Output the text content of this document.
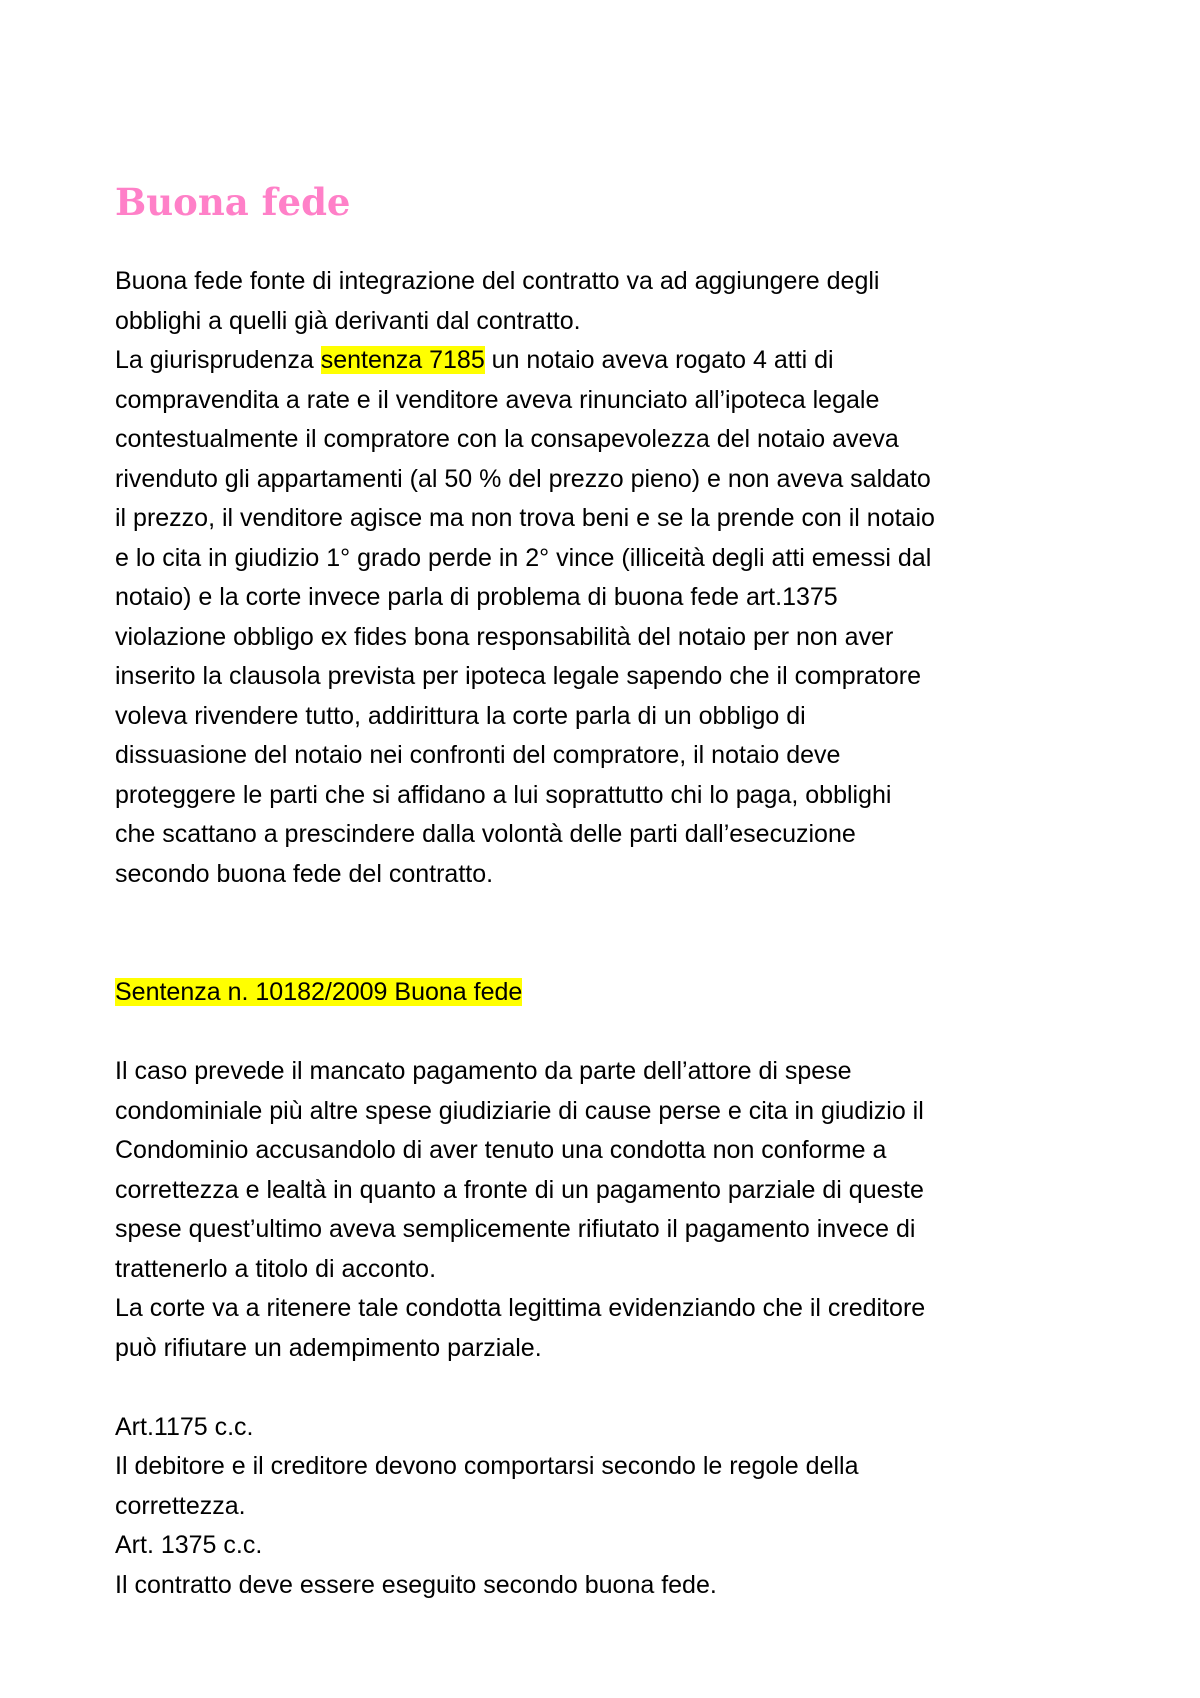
Buona fede
Buona fede fonte di integrazione del contratto va ad aggiungere degli
obblighi a quelli già derivanti dal contratto.
La giurisprudenza sentenza 7185 un notaio aveva rogato 4 atti di
compravendita a rate e il venditore aveva rinunciato all’ipoteca legale
contestualmente il compratore con la consapevolezza del notaio aveva
rivenduto gli appartamenti (al 50 % del prezzo pieno) e non aveva saldato
il prezzo, il venditore agisce ma non trova beni e se la prende con il notaio
e lo cita in giudizio 1° grado perde in 2° vince (illiceità degli atti emessi dal
notaio) e la corte invece parla di problema di buona fede art.1375
violazione obbligo ex fides bona responsabilità del notaio per non aver
inserito la clausola prevista per ipoteca legale sapendo che il compratore
voleva rivendere tutto, addirittura la corte parla di un obbligo di
dissuasione del notaio nei confronti del compratore, il notaio deve
proteggere le parti che si affidano a lui soprattutto chi lo paga, obblighi
che scattano a prescindere dalla volontà delle parti dall’esecuzione
secondo buona fede del contratto.
Sentenza n. 10182/2009 Buona fede
Il caso prevede il mancato pagamento da parte dell’attore di spese
condominiale più altre spese giudiziarie di cause perse e cita in giudizio il
Condominio accusandolo di aver tenuto una condotta non conforme a
correttezza e lealtà in quanto a fronte di un pagamento parziale di queste
spese quest’ultimo aveva semplicemente rifiutato il pagamento invece di
trattenerlo a titolo di acconto.
La corte va a ritenere tale condotta legittima evidenziando che il creditore
può rifiutare un adempimento parziale.
Art.1175 c.c.
Il debitore e il creditore devono comportarsi secondo le regole della
correttezza.
Art. 1375 c.c.
Il contratto deve essere eseguito secondo buona fede.
